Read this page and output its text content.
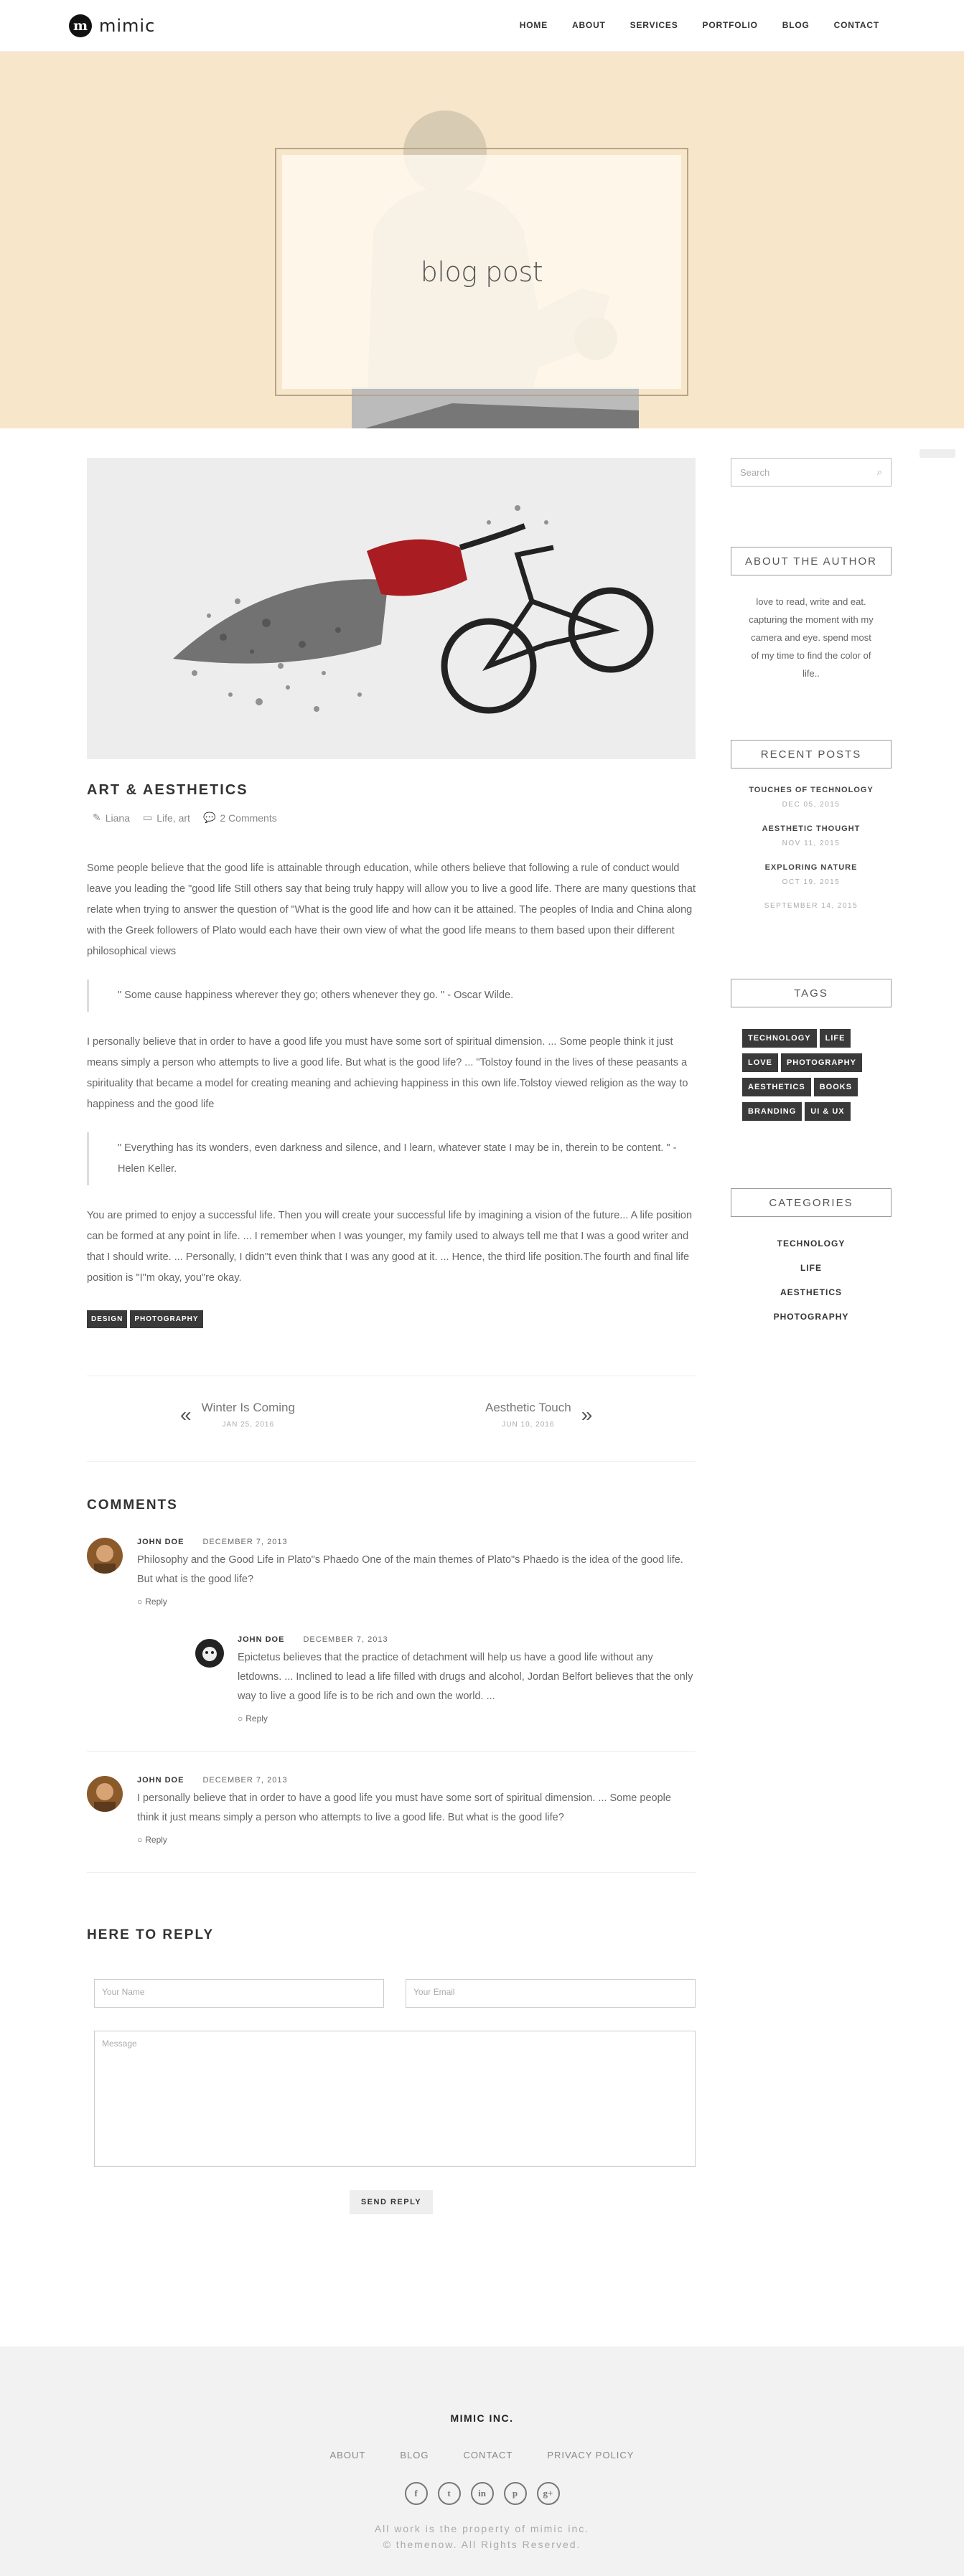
m mimic	HOME	ABOUT	SERVICES	PORTFOLIO	BLOG	CONTACT
blog post
ART & AESTHETICS
✎ Liana ▭ Life, art 💬 2 Comments

Some people believe that the good life is attainable through education, while others believe that following a rule of conduct would leave you leading the "good life Still others say that being truly happy will allow you to live a good life. There are many questions that relate when trying to answer the question of "What is the good life and how can it be attained. The peoples of India and China along with the Greek followers of Plato would each have their own view of what the good life means to them based upon their different philosophical views

" Some cause happiness wherever they go; others whenever they go. " - Oscar Wilde.

I personally believe that in order to have a good life you must have some sort of spiritual dimension. ... Some people think it just means simply a person who attempts to live a good life. But what is the good life? ... "Tolstoy found in the lives of these peasants a spirituality that became a model for creating meaning and achieving happiness in this own life.Tolstoy viewed religion as the way to happiness and the good life

" Everything has its wonders, even darkness and silence, and I learn, whatever state I may be in, therein to be content. " - Helen Keller.

You are primed to enjoy a successful life. Then you will create your successful life by imagining a vision of the future... A life position can be formed at any point in life. ... I remember when I was younger, my family used to always tell me that I was a good writer and that I should write. ... Personally, I didn"t even think that I was any good at it. ... Hence, the third life position.The fourth and final life position is "I"m okay, you"re okay.

DESIGN	PHOTOGRAPHY
« Winter Is Coming
JAN 25, 2016
Aesthetic Touch
JUN 10, 2016	»
COMMENTS
JOHN DOE DECEMBER 7, 2013

Philosophy and the Good Life in Plato"s Phaedo One of the main themes of Plato"s Phaedo is the idea of the good life. But what is the good life?

○ Reply
JOHN DOE DECEMBER 7, 2013

Epictetus believes that the practice of detachment will help us have a good life without any letdowns. ... Inclined to lead a life filled with drugs and alcohol, Jordan Belfort believes that the only way to live a good life is to be rich and own the world. ...

○ Reply
JOHN DOE DECEMBER 7, 2013

I personally believe that in order to have a good life you must have some sort of spiritual dimension. ... Some people think it just means simply a person who attempts to live a good life. But what is the good life?

○ Reply
HERE TO REPLY
Your Name	Your Email
Message
SEND REPLY
Search	⌕
ABOUT THE AUTHOR

love to read, write and eat. capturing the moment with my camera and eye. spend most of my time to find the color of life..

RECENT POSTS
TOUCHES OF TECHNOLOGY
DEC 05, 2015
AESTHETIC THOUGHT
NOV 11, 2015
EXPLORING NATURE
OCT 19, 2015
SEPTEMBER 14, 2015
TAGS
TECHNOLOGY	LIFE
LOVE	PHOTOGRAPHY
AESTHETICS	BOOKS
BRANDING	UI & UX
CATEGORIES
TECHNOLOGY
LIFE
AESTHETICS
PHOTOGRAPHY
MIMIC INC.
ABOUT	BLOG	CONTACT	PRIVACY POLICY
f	t	in	p	g+
All work is the property of mimic inc.
© themenow. All Rights Reserved.
